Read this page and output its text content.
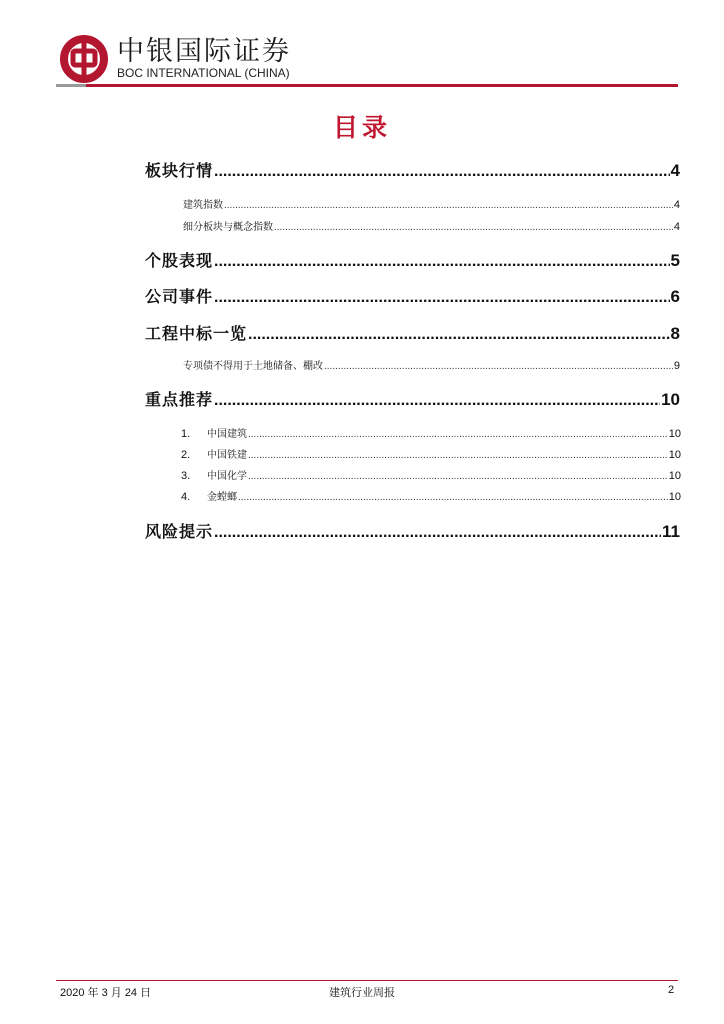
中银国际证券
BOC INTERNATIONAL (CHINA)
目录
板块行情 .....	4
建筑指数 .....	4
细分板块与概念指数 .....	4
个股表现 .....	5
公司事件 .....	6
工程中标一览 .....	8
专项债不得用于土地储备、棚改 .....	9
重点推荐 .....	10
1.	中国建筑 .....	10
2.	中国铁建 .....	10
3.	中国化学 .....	10
4.	金螳螂 .....	10
风险提示 .....	11
2020 年 3 月 24 日	建筑行业周报	2
